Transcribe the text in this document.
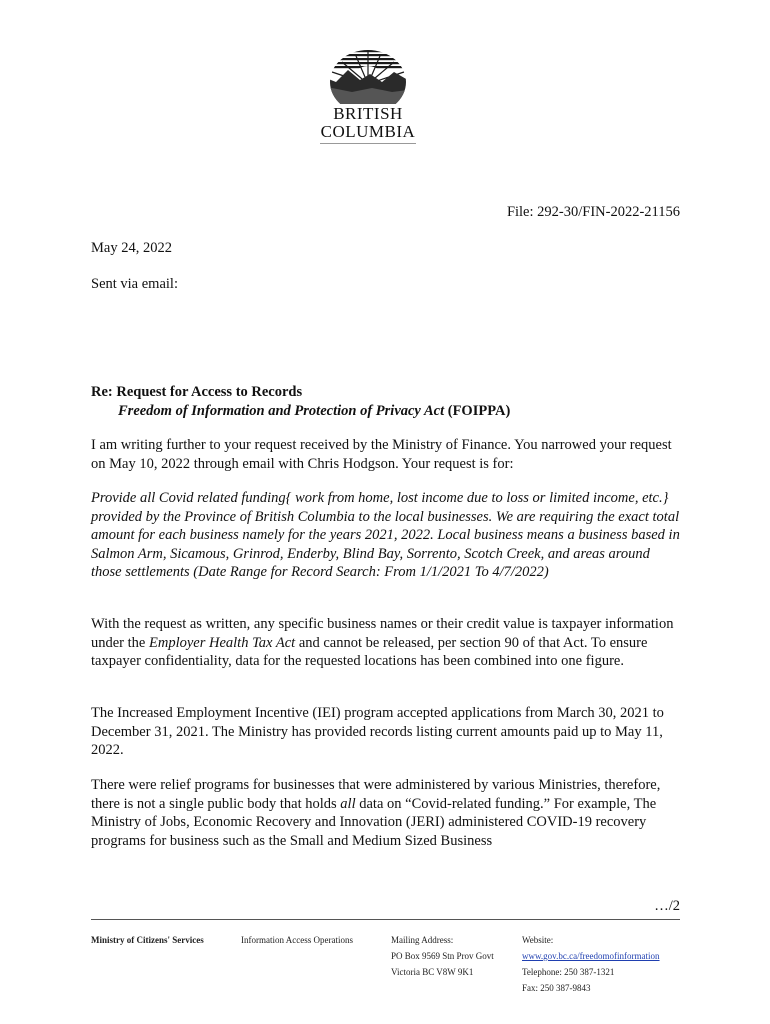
BRITISH
COLUMBIA
File: 292-30/FIN-2022-21156
May 24, 2022
Sent via email:
Re: Request for Access to Records
Freedom of Information and Protection of Privacy Act (FOIPPA)

I am writing further to your request received by the Ministry of Finance. You narrowed your request on May 10, 2022 through email with Chris Hodgson. Your request is for:

Provide all Covid related funding{ work from home, lost income due to loss or limited income, etc.} provided by the Province of British Columbia to the local businesses. We are requiring the exact total amount for each business namely for the years 2021, 2022. Local business means a business based in Salmon Arm, Sicamous, Grinrod, Enderby, Blind Bay, Sorrento, Scotch Creek, and areas around those settlements (Date Range for Record Search: From 1/1/2021 To 4/7/2022)

With the request as written, any specific business names or their credit value is taxpayer information under the Employer Health Tax Act and cannot be released, per section 90 of that Act. To ensure taxpayer confidentiality, data for the requested locations has been combined into one figure.

The Increased Employment Incentive (IEI) program accepted applications from March 30, 2021 to December 31, 2021. The Ministry has provided records listing current amounts paid up to May 11, 2022.

There were relief programs for businesses that were administered by various Ministries, therefore, there is not a single public body that holds all data on “Covid-related funding.” For example, The Ministry of Jobs, Economic Recovery and Innovation (JERI) administered COVID-19 recovery programs for business such as the Small and Medium Sized Business

…/2
Ministry of Citizens' Services	Information Access Operations	Mailing Address:
PO Box 9569 Stn Prov Govt
Victoria BC V8W 9K1
Website:
www.gov.bc.ca/freedomofinformation
Telephone: 250 387-1321
Fax: 250 387-9843
